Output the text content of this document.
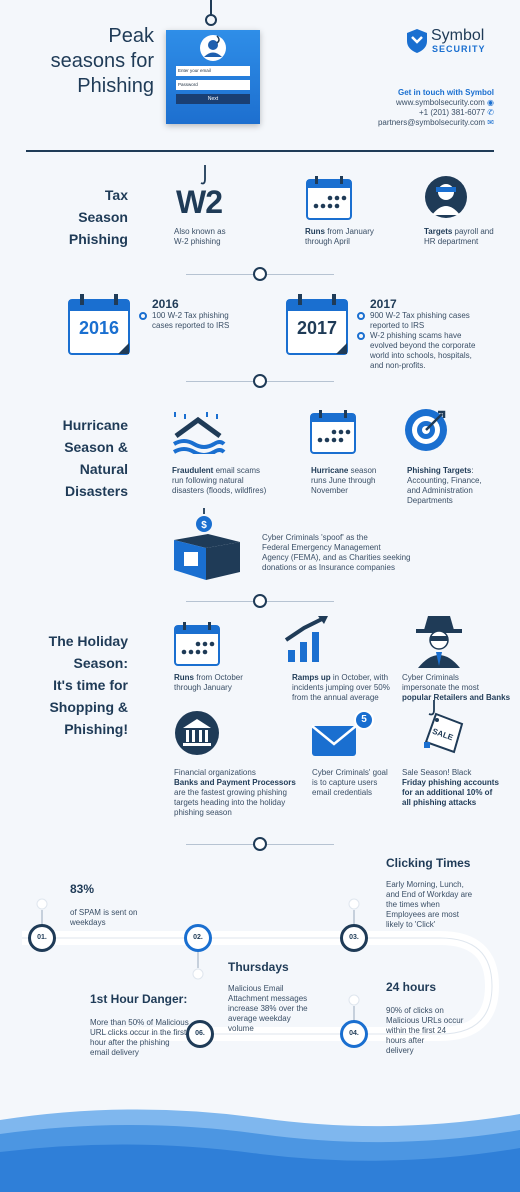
Peak
seasons for
Phishing
Enter your email
Password
Next
Symbol
SECURITY
Get in touch with Symbol
www.symbolsecurity.com ◉
+1 (201) 381-6077 ✆
partners@symbolsecurity.com ✉
Tax
Season
Phishing
W2
Also known as
W-2 phishing
Runs from January
through April
Targets payroll and
HR department
2016
2016
100 W-2 Tax phishing
cases reported to IRS	2017
2017
900 W-2 Tax phishing cases
reported to IRS
W-2 phishing scams have
evolved beyond the corporate
world into schools, hospitals,
and non-profits.
Hurricane
Season &
Natural
Disasters
Fraudulent email scams
run following natural
disasters (floods, wildfires)
Hurricane season
runs June through
November
Phishing Targets:
Accounting, Finance,
and Administration
Departments
$
Cyber Criminals 'spoof' as the
Federal Emergency Management
Agency (FEMA), and as Charities seeking
donations or as Insurance companies
The Holiday
Season:
It's time for
Shopping &
Phishing!
Runs from October
through January
Ramps up in October, with
incidents jumping over 50%
from the annual average
Cyber Criminals
impersonate the most
popular Retailers and Banks
Financial organizations
Banks and Payment Processors
are the fastest growing phishing
targets heading into the holiday
phishing season
5
Cyber Criminals' goal
is to capture users
email credentials
SALE
Sale Season! Black
Friday phishing accounts
for an additional 10% of
all phishing attacks
01.	02.	03.
04.
06.
83%
of SPAM is sent on
weekdays
Clicking Times
Early Morning, Lunch,
and End of Workday are
the times when
Employees are most
likely to 'Click'
Thursdays
Malicious Email
Attachment messages
increase 38% over the
average weekday
volume
24 hours
90% of clicks on
Malicious URLs occur
within the first 24
hours after
delivery
1st Hour Danger:
More than 50% of Malicious
URL clicks occur in the first
hour after the phishing
email delivery
